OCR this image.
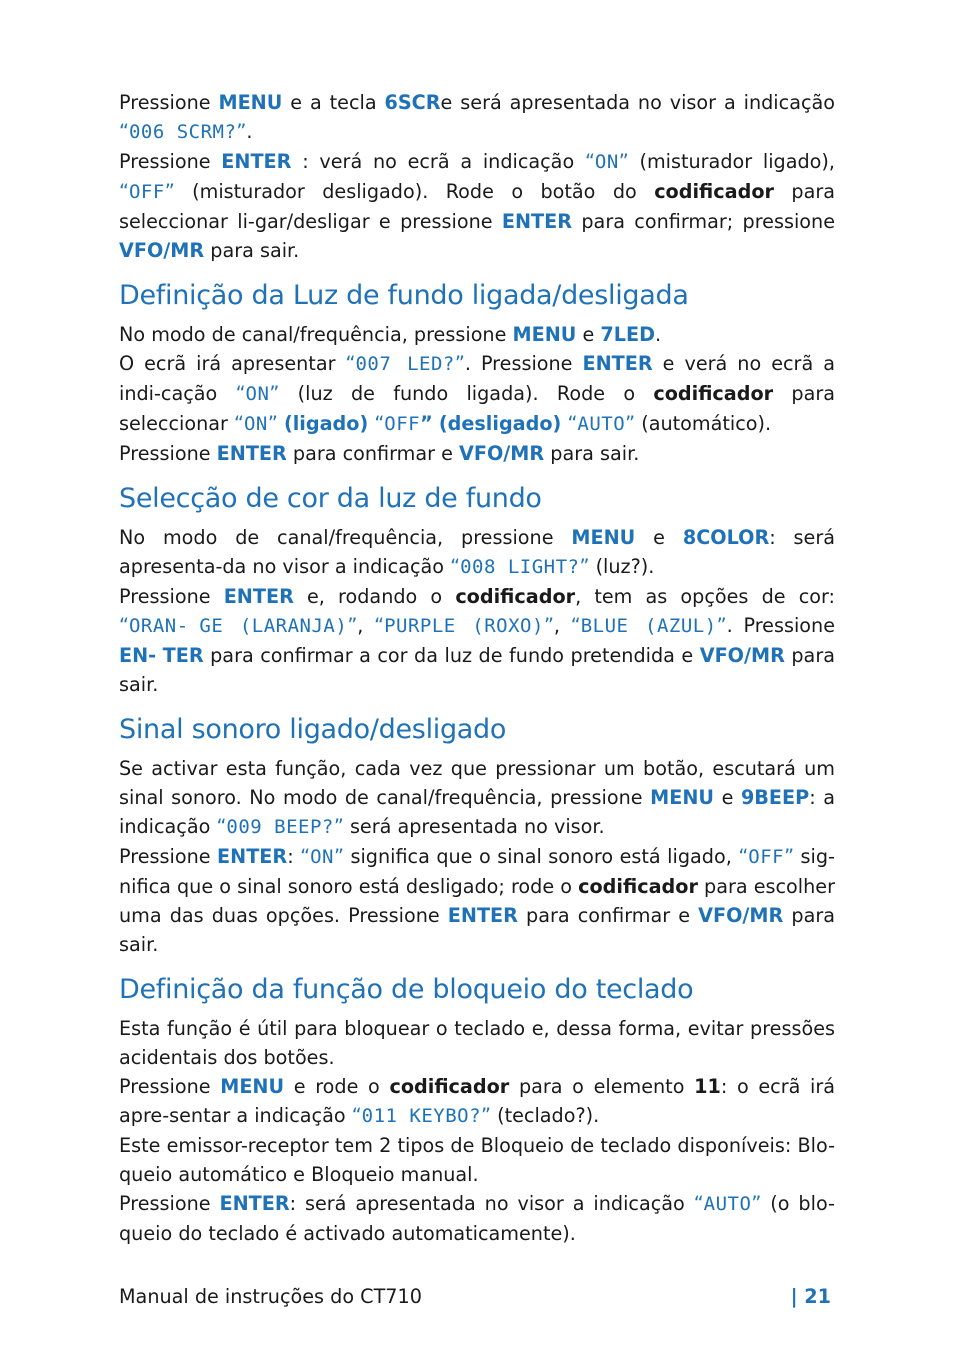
Pressione MENU e a tecla 6SCRe será apresentada no visor a indicação “006 SCRM?”.
Pressione ENTER : verá no ecrã a indicação “ON” (misturador ligado), “OFF” (misturador desligado). Rode o botão do codificador para seleccionar li-gar/desligar e pressione ENTER para confirmar; pressione VFO/MR para sair.

Definição da Luz de fundo ligada/desligada

No modo de canal/frequência, pressione MENU e 7LED.
O ecrã irá apresentar “007 LED?”. Pressione ENTER e verá no ecrã a indi-cação “ON” (luz de fundo ligada). Rode o codificador para seleccionar “ON” (ligado) “OFF” (desligado) “AUTO” (automático).
Pressione ENTER para confirmar e VFO/MR para sair.

Selecção de cor da luz de fundo

No modo de canal/frequência, pressione MENU e 8COLOR: será apresenta-da no visor a indicação “008 LIGHT?” (luz?).
Pressione ENTER e, rodando o codificador, tem as opções de cor: “ORAN- GE (LARANJA)”, “PURPLE (ROXO)”, “BLUE (AZUL)”. Pressione EN- TER para confirmar a cor da luz de fundo pretendida e VFO/MR para sair.

Sinal sonoro ligado/desligado

Se activar esta função, cada vez que pressionar um botão, escutará um sinal sonoro. No modo de canal/frequência, pressione MENU e 9BEEP: a indicação “009 BEEP?” será apresentada no visor.
Pressione ENTER: “ON” significa que o sinal sonoro está ligado, “OFF” sig-nifica que o sinal sonoro está desligado; rode o codificador para escolher uma das duas opções. Pressione ENTER para confirmar e VFO/MR para sair.

Definição da função de bloqueio do teclado

Esta função é útil para bloquear o teclado e, dessa forma, evitar pressões acidentais dos botões.
Pressione MENU e rode o codificador para o elemento 11: o ecrã irá apre-sentar a indicação “011 KEYBO?” (teclado?).
Este emissor-receptor tem 2 tipos de Bloqueio de teclado disponíveis: Blo-queio automático e Bloqueio manual.
Pressione ENTER: será apresentada no visor a indicação “AUTO” (o blo-queio do teclado é activado automaticamente).

Manual de instruções do CT710	| 21
